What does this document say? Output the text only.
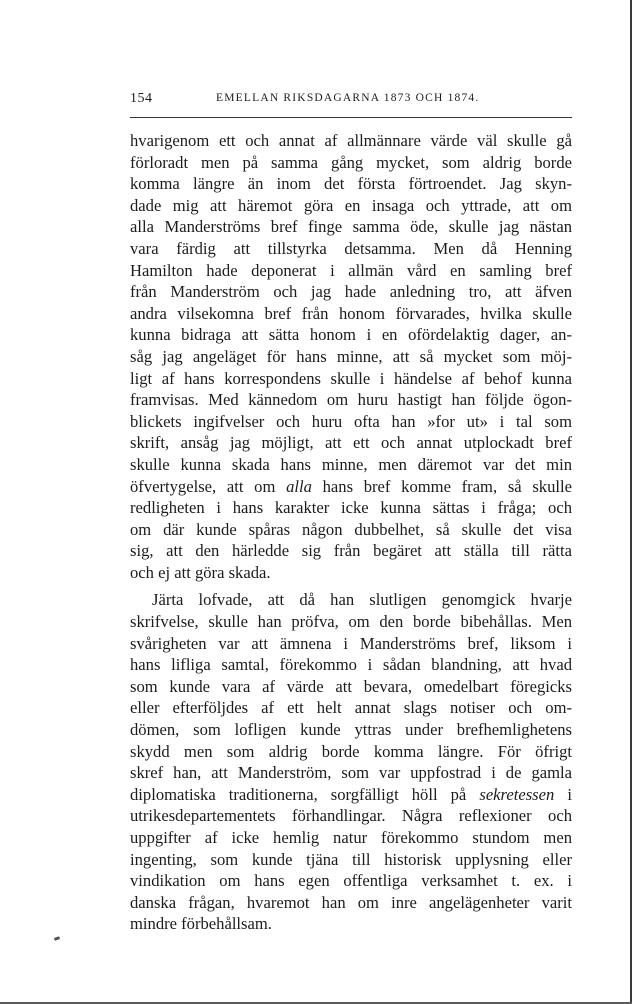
154	EMELLAN RIKSDAGARNA 1873 OCH 1874.
hvarigenom ett och annat af allmännare värde väl skulle gå
förloradt men på samma gång mycket, som aldrig borde
komma längre än inom det första förtroendet. Jag skyn-
dade mig att häremot göra en insaga och yttrade, att om
alla Manderströms bref finge samma öde, skulle jag nästan
vara färdig att tillstyrka detsamma. Men då Henning
Hamilton hade deponerat i allmän vård en samling bref
från Manderström och jag hade anledning tro, att äfven
andra vilsekomna bref från honom förvarades, hvilka skulle
kunna bidraga att sätta honom i en ofördelaktig dager, an-
såg jag angeläget för hans minne, att så mycket som möj-
ligt af hans korrespondens skulle i händelse af behof kunna
framvisas. Med kännedom om huru hastigt han följde ögon-
blickets ingifvelser och huru ofta han »for ut» i tal som
skrift, ansåg jag möjligt, att ett och annat utplockadt bref
skulle kunna skada hans minne, men däremot var det min
öfvertygelse, att om alla hans bref komme fram, så skulle
redligheten i hans karakter icke kunna sättas i fråga; och
om där kunde spåras någon dubbelhet, så skulle det visa
sig, att den härledde sig från begäret att ställa till rätta
och ej att göra skada.
Järta lofvade, att då han slutligen genomgick hvarje
skrifvelse, skulle han pröfva, om den borde bibehållas. Men
svårigheten var att ämnena i Manderströms bref, liksom i
hans lifliga samtal, förekommo i sådan blandning, att hvad
som kunde vara af värde att bevara, omedelbart föregicks
eller efterföljdes af ett helt annat slags notiser och om-
dömen, som lofligen kunde yttras under brefhemlighetens
skydd men som aldrig borde komma längre. För öfrigt
skref han, att Manderström, som var uppfostrad i de gamla
diplomatiska traditionerna, sorgfälligt höll på sekretessen i
utrikesdepartementets förhandlingar. Några reflexioner och
uppgifter af icke hemlig natur förekommo stundom men
ingenting, som kunde tjäna till historisk upplysning eller
vindikation om hans egen offentliga verksamhet t. ex. i
danska frågan, hvaremot han om inre angelägenheter varit
mindre förbehållsam.
